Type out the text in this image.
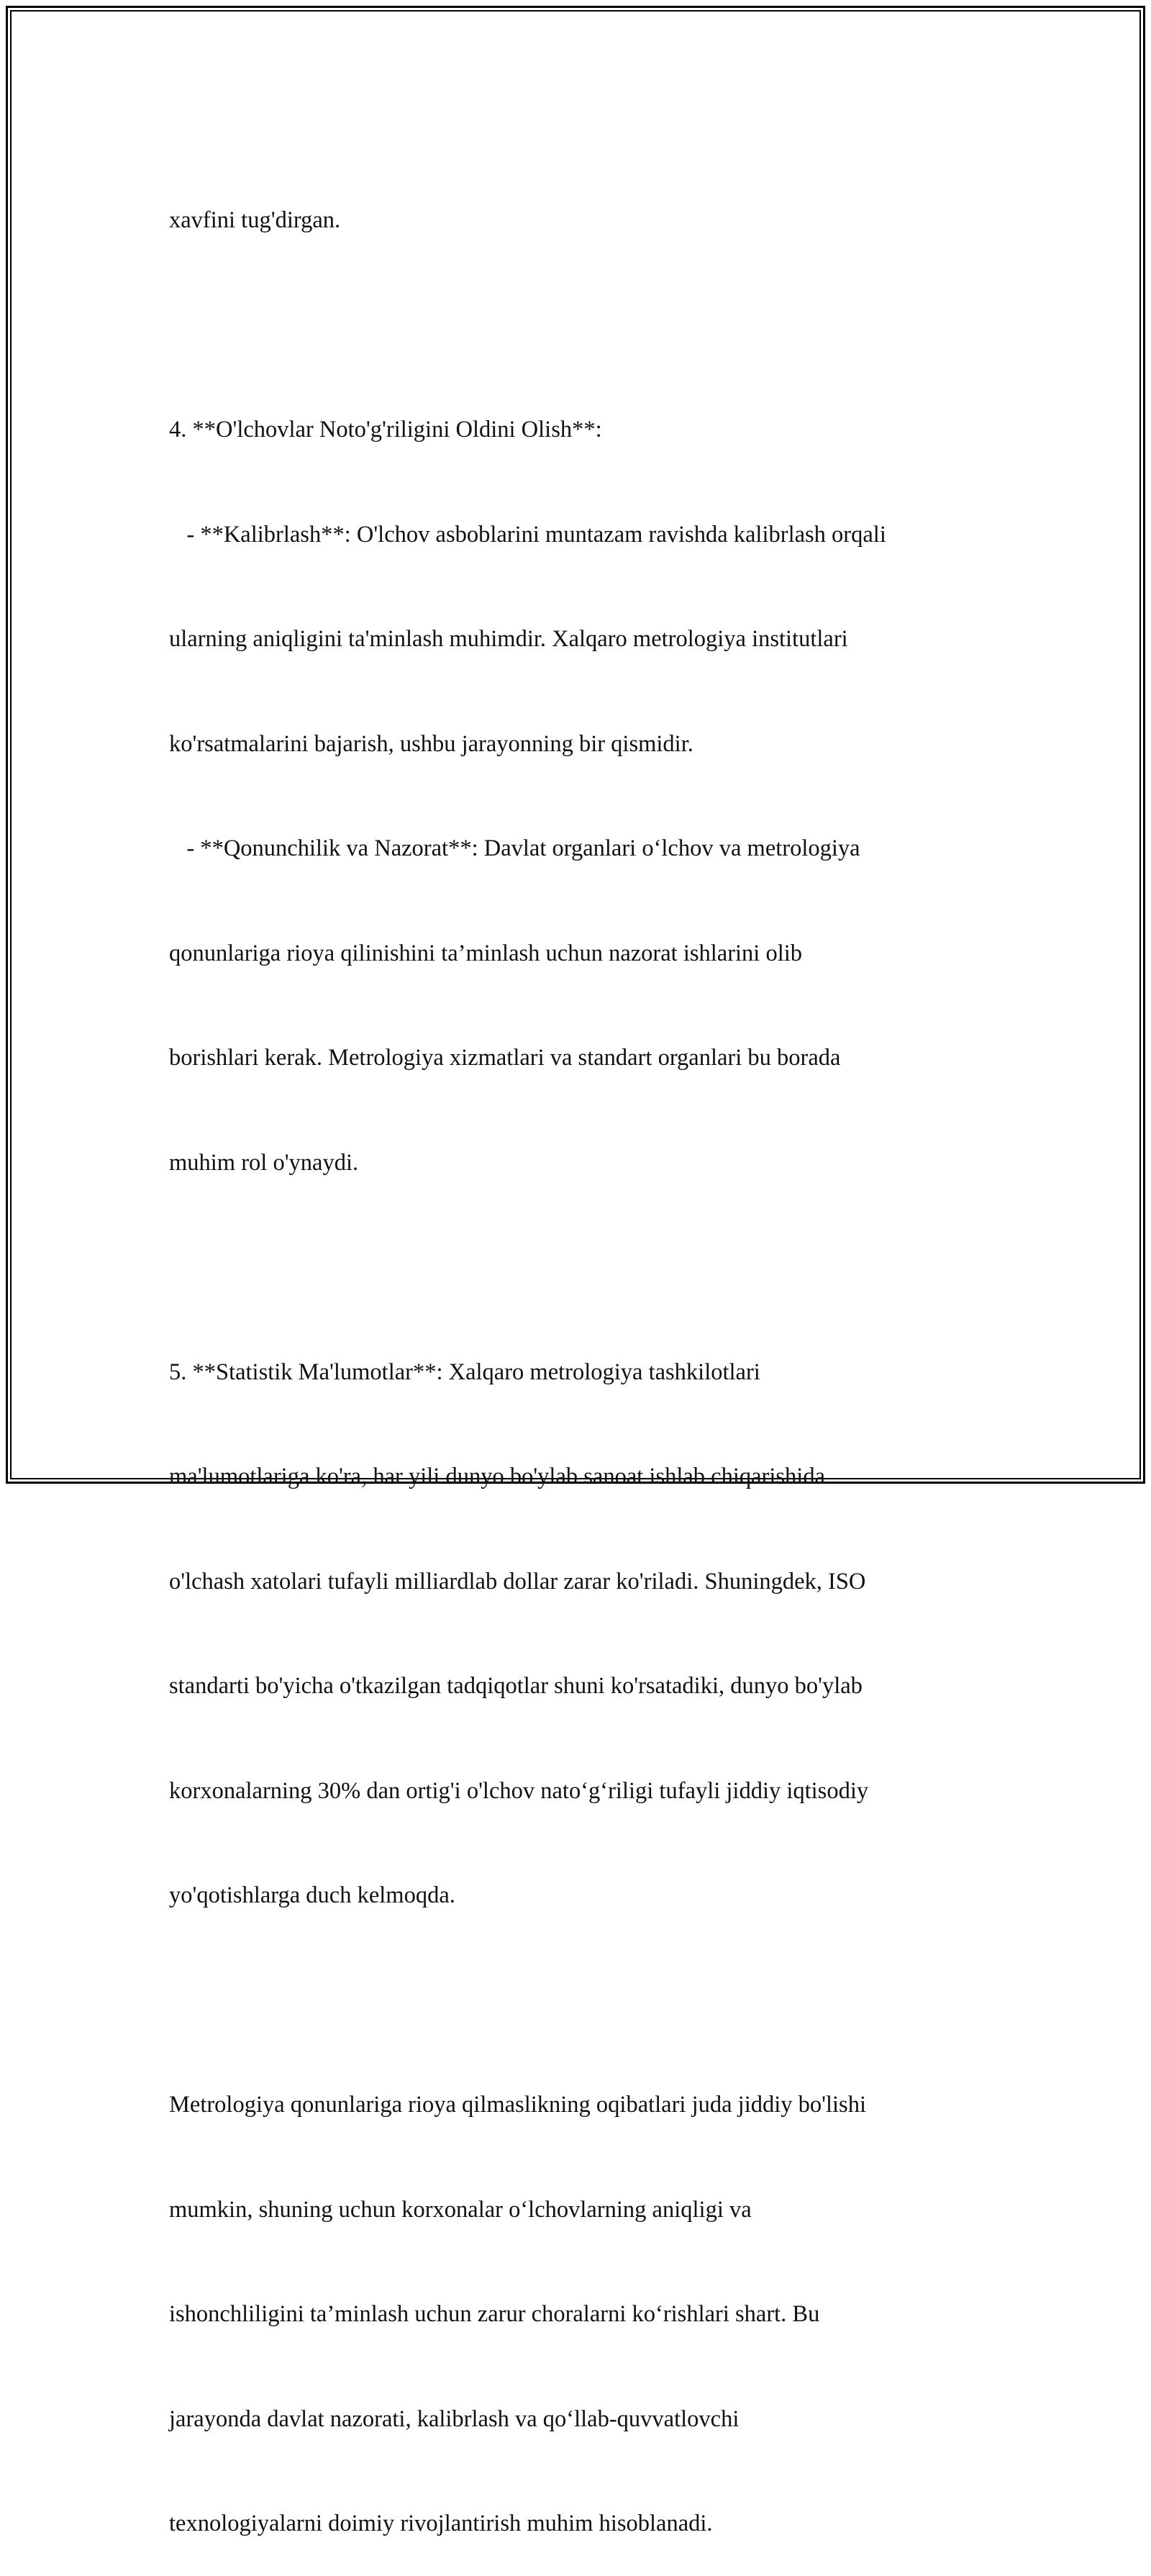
xavfini tug'dirgan.

4. **O'lchovlar Noto'g'riligini Oldini Olish**:

- **Kalibrlash**: O'lchov asboblarini muntazam ravishda kalibrlash orqali

ularning aniqligini ta'minlash muhimdir. Xalqaro metrologiya institutlari

ko'rsatmalarini bajarish, ushbu jarayonning bir qismidir.

- **Qonunchilik va Nazorat**: Davlat organlari o‘lchov va metrologiya

qonunlariga rioya qilinishini ta’minlash uchun nazorat ishlarini olib

borishlari kerak. Metrologiya xizmatlari va standart organlari bu borada

muhim rol o'ynaydi.

5. **Statistik Ma'lumotlar**: Xalqaro metrologiya tashkilotlari

ma'lumotlariga ko'ra, har yili dunyo bo'ylab sanoat ishlab chiqarishida

o'lchash xatolari tufayli milliardlab dollar zarar ko'riladi. Shuningdek, ISO

standarti bo'yicha o'tkazilgan tadqiqotlar shuni ko'rsatadiki, dunyo bo'ylab

korxonalarning 30% dan ortig'i o'lchov nato‘g‘riligi tufayli jiddiy iqtisodiy

yo'qotishlarga duch kelmoqda.

Metrologiya qonunlariga rioya qilmaslikning oqibatlari juda jiddiy bo'lishi

mumkin, shuning uchun korxonalar o‘lchovlarning aniqligi va

ishonchliligini ta’minlash uchun zarur choralarni ko‘rishlari shart. Bu

jarayonda davlat nazorati, kalibrlash va qo‘llab-quvvatlovchi

texnologiyalarni doimiy rivojlantirish muhim hisoblanadi.
